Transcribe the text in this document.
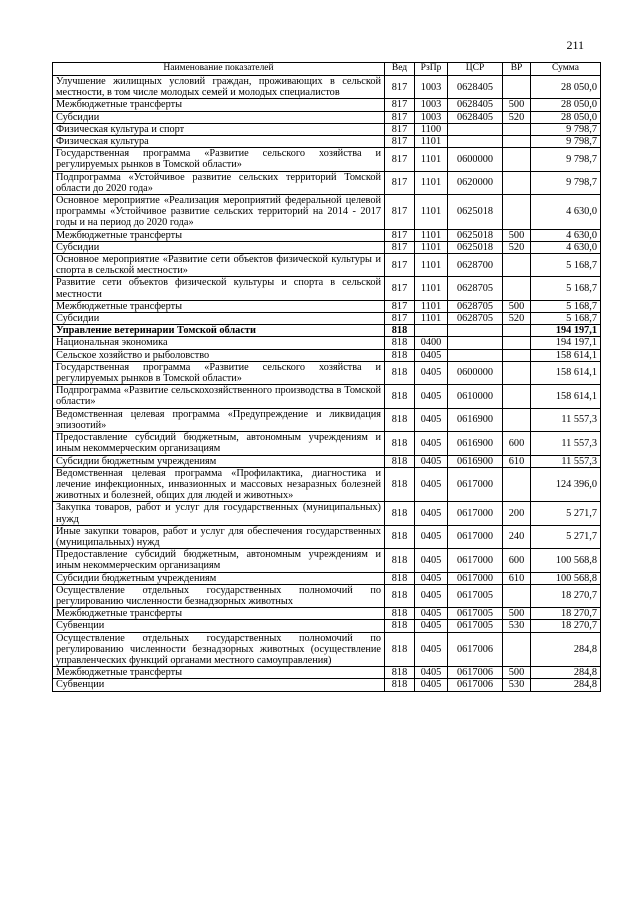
211
Наименование показателей	Вед	РзПр	ЦСР	ВР	Сумма
Улучшение жилищных условий граждан, проживающих в сельской местности, в том числе молодых семей и молодых специалистов	817	1003	0628405		28 050,0
Межбюджетные трансферты	817	1003	0628405	500	28 050,0
Субсидии	817	1003	0628405	520	28 050,0
Физическая культура и спорт	817	1100			9 798,7
Физическая культура	817	1101			9 798,7
Государственная программа «Развитие сельского хозяйства и регулируемых рынков в Томской области»	817	1101	0600000		9 798,7
Подпрограмма «Устойчивое развитие сельских территорий Томской области до 2020 года»	817	1101	0620000		9 798,7
Основное мероприятие «Реализация мероприятий федеральной целевой программы «Устойчивое развитие сельских территорий на 2014 - 2017 годы и на период до 2020 года»	817	1101	0625018		4 630,0
Межбюджетные трансферты	817	1101	0625018	500	4 630,0
Субсидии	817	1101	0625018	520	4 630,0
Основное мероприятие «Развитие сети объектов физической культуры и спорта в сельской местности»	817	1101	0628700		5 168,7
Развитие сети объектов физической культуры и спорта в сельской местности	817	1101	0628705		5 168,7
Межбюджетные трансферты	817	1101	0628705	500	5 168,7
Субсидии	817	1101	0628705	520	5 168,7
Управление ветеринарии Томской области	818				194 197,1
Национальная экономика	818	0400			194 197,1
Сельское хозяйство и рыболовство	818	0405			158 614,1
Государственная программа «Развитие сельского хозяйства и регулируемых рынков в Томской области»	818	0405	0600000		158 614,1
Подпрограмма «Развитие сельскохозяйственного производства в Томской области»	818	0405	0610000		158 614,1
Ведомственная целевая программа «Предупреждение и ликвидация эпизоотий»	818	0405	0616900		11 557,3
Предоставление субсидий бюджетным, автономным учреждениям и иным некоммерческим организациям	818	0405	0616900	600	11 557,3
Субсидии бюджетным учреждениям	818	0405	0616900	610	11 557,3
Ведомственная целевая программа «Профилактика, диагностика и лечение инфекционных, инвазионных и массовых незаразных болезней животных и болезней, общих для людей и животных»	818	0405	0617000		124 396,0
Закупка товаров, работ и услуг для государственных (муниципальных) нужд	818	0405	0617000	200	5 271,7
Иные закупки товаров, работ и услуг для обеспечения государственных (муниципальных) нужд	818	0405	0617000	240	5 271,7
Предоставление субсидий бюджетным, автономным учреждениям и иным некоммерческим организациям	818	0405	0617000	600	100 568,8
Субсидии бюджетным учреждениям	818	0405	0617000	610	100 568,8
Осуществление отдельных государственных полномочий по регулированию численности безнадзорных животных	818	0405	0617005		18 270,7
Межбюджетные трансферты	818	0405	0617005	500	18 270,7
Субвенции	818	0405	0617005	530	18 270,7
Осуществление отдельных государственных полномочий по регулированию численности безнадзорных животных (осуществление управленческих функций органами местного самоуправления)	818	0405	0617006		284,8
Межбюджетные трансферты	818	0405	0617006	500	284,8
Субвенции	818	0405	0617006	530	284,8
